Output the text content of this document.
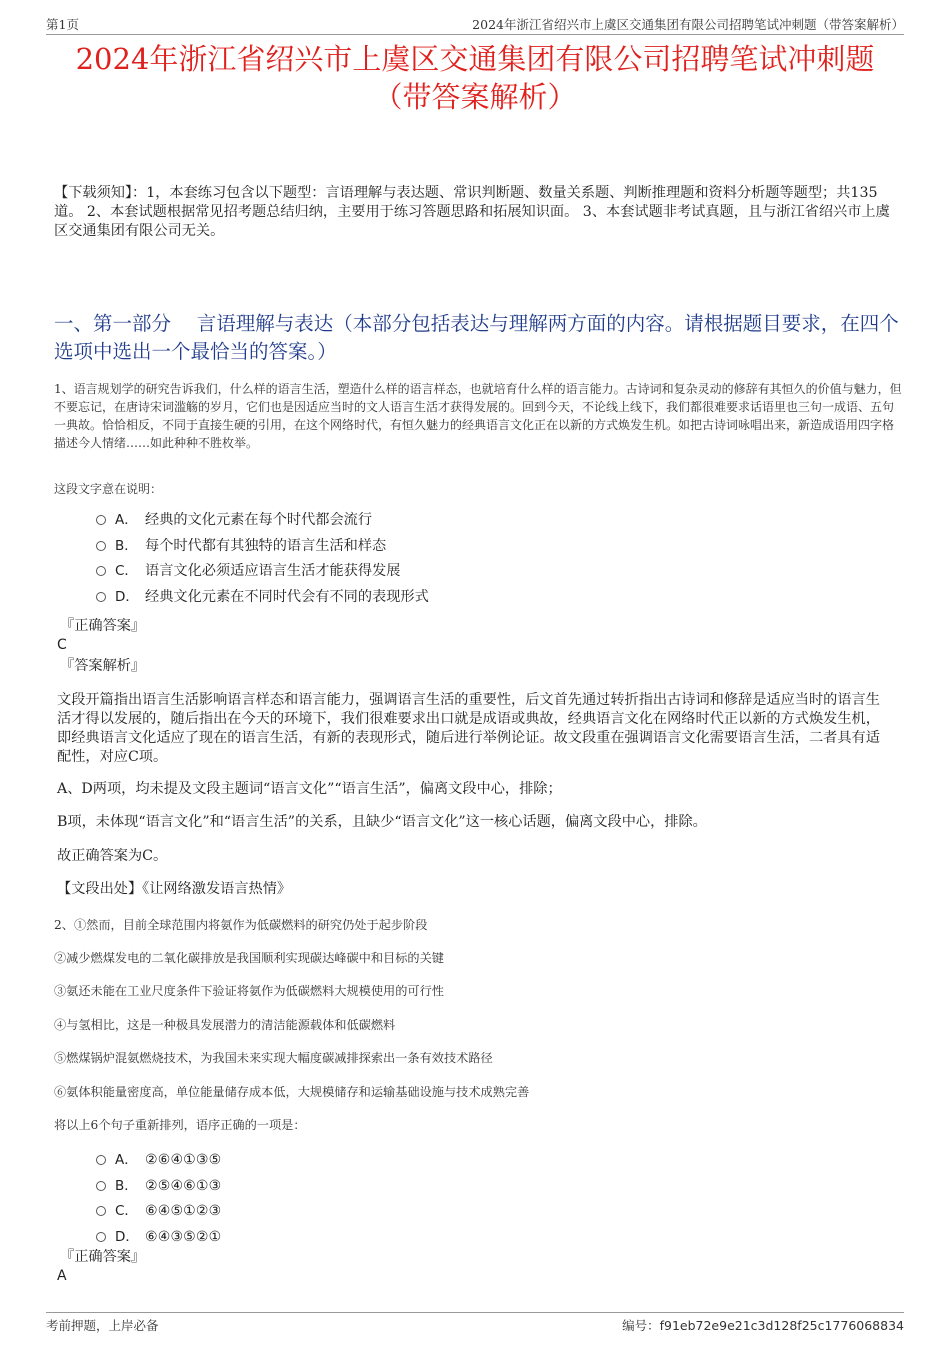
第1页	2024年浙江省绍兴市上虞区交通集团有限公司招聘笔试冲刺题（带答案解析）
2024年浙江省绍兴市上虞区交通集团有限公司招聘笔试冲刺题
（带答案解析）
【下载须知】：1，本套练习包含以下题型：言语理解与表达题、常识判断题、数量关系题、判断推理题和资料分析题等题型；共135道。 2、本套试题根据常见招考题总结归纳，主要用于练习答题思路和拓展知识面。 3、本套试题非考试真题，且与浙江省绍兴市上虞区交通集团有限公司无关。
一、第一部分　 言语理解与表达（本部分包括表达与理解两方面的内容。请根据题目要求，在四个选项中选出一个最恰当的答案。）
1、语言规划学的研究告诉我们，什么样的语言生活，塑造什么样的语言样态，也就培育什么样的语言能力。古诗词和复杂灵动的修辞有其恒久的价值与魅力，但不要忘记，在唐诗宋词滥觞的岁月，它们也是因适应当时的文人语言生活才获得发展的。回到今天，不论线上线下，我们都很难要求话语里也三句一成语、五句一典故。恰恰相反，不同于直接生硬的引用，在这个网络时代，有恒久魅力的经典语言文化正在以新的方式焕发生机。如把古诗词咏唱出来，新造成语用四字格描述今人情绪……如此种种不胜枚举。
这段文字意在说明：
A． 经典的文化元素在每个时代都会流行
B． 每个时代都有其独特的语言生活和样态
C． 语言文化必须适应语言生活才能获得发展
D． 经典文化元素在不同时代会有不同的表现形式
『正确答案』
C
『答案解析』
文段开篇指出语言生活影响语言样态和语言能力，强调语言生活的重要性，后文首先通过转折指出古诗词和修辞是适应当时的语言生活才得以发展的，随后指出在今天的环境下，我们很难要求出口就是成语或典故，经典语言文化在网络时代正以新的方式焕发生机，即经典语言文化适应了现在的语言生活，有新的表现形式，随后进行举例论证。故文段重在强调语言文化需要语言生活，二者具有适配性，对应C项。
A、D两项，均未提及文段主题词“语言文化”“语言生活”，偏离文段中心，排除；
B项，未体现“语言文化”和“语言生活”的关系，且缺少“语言文化”这一核心话题，偏离文段中心，排除。
故正确答案为C。
【文段出处】《让网络激发语言热情》
2、①然而，目前全球范围内将氨作为低碳燃料的研究仍处于起步阶段
②减少燃煤发电的二氧化碳排放是我国顺利实现碳达峰碳中和目标的关键
③氨还未能在工业尺度条件下验证将氨作为低碳燃料大规模使用的可行性
④与氢相比，这是一种极具发展潜力的清洁能源载体和低碳燃料
⑤燃煤锅炉混氨燃烧技术，为我国未来实现大幅度碳减排探索出一条有效技术路径
⑥氨体积能量密度高，单位能量储存成本低，大规模储存和运输基础设施与技术成熟完善
将以上6个句子重新排列，语序正确的一项是：
A． ②⑥④①③⑤
B． ②⑤④⑥①③
C． ⑥④⑤①②③
D． ⑥④③⑤②①
『正确答案』
A
考前押题，上岸必备	编号：f91eb72e9e21c3d128f25c1776068834
